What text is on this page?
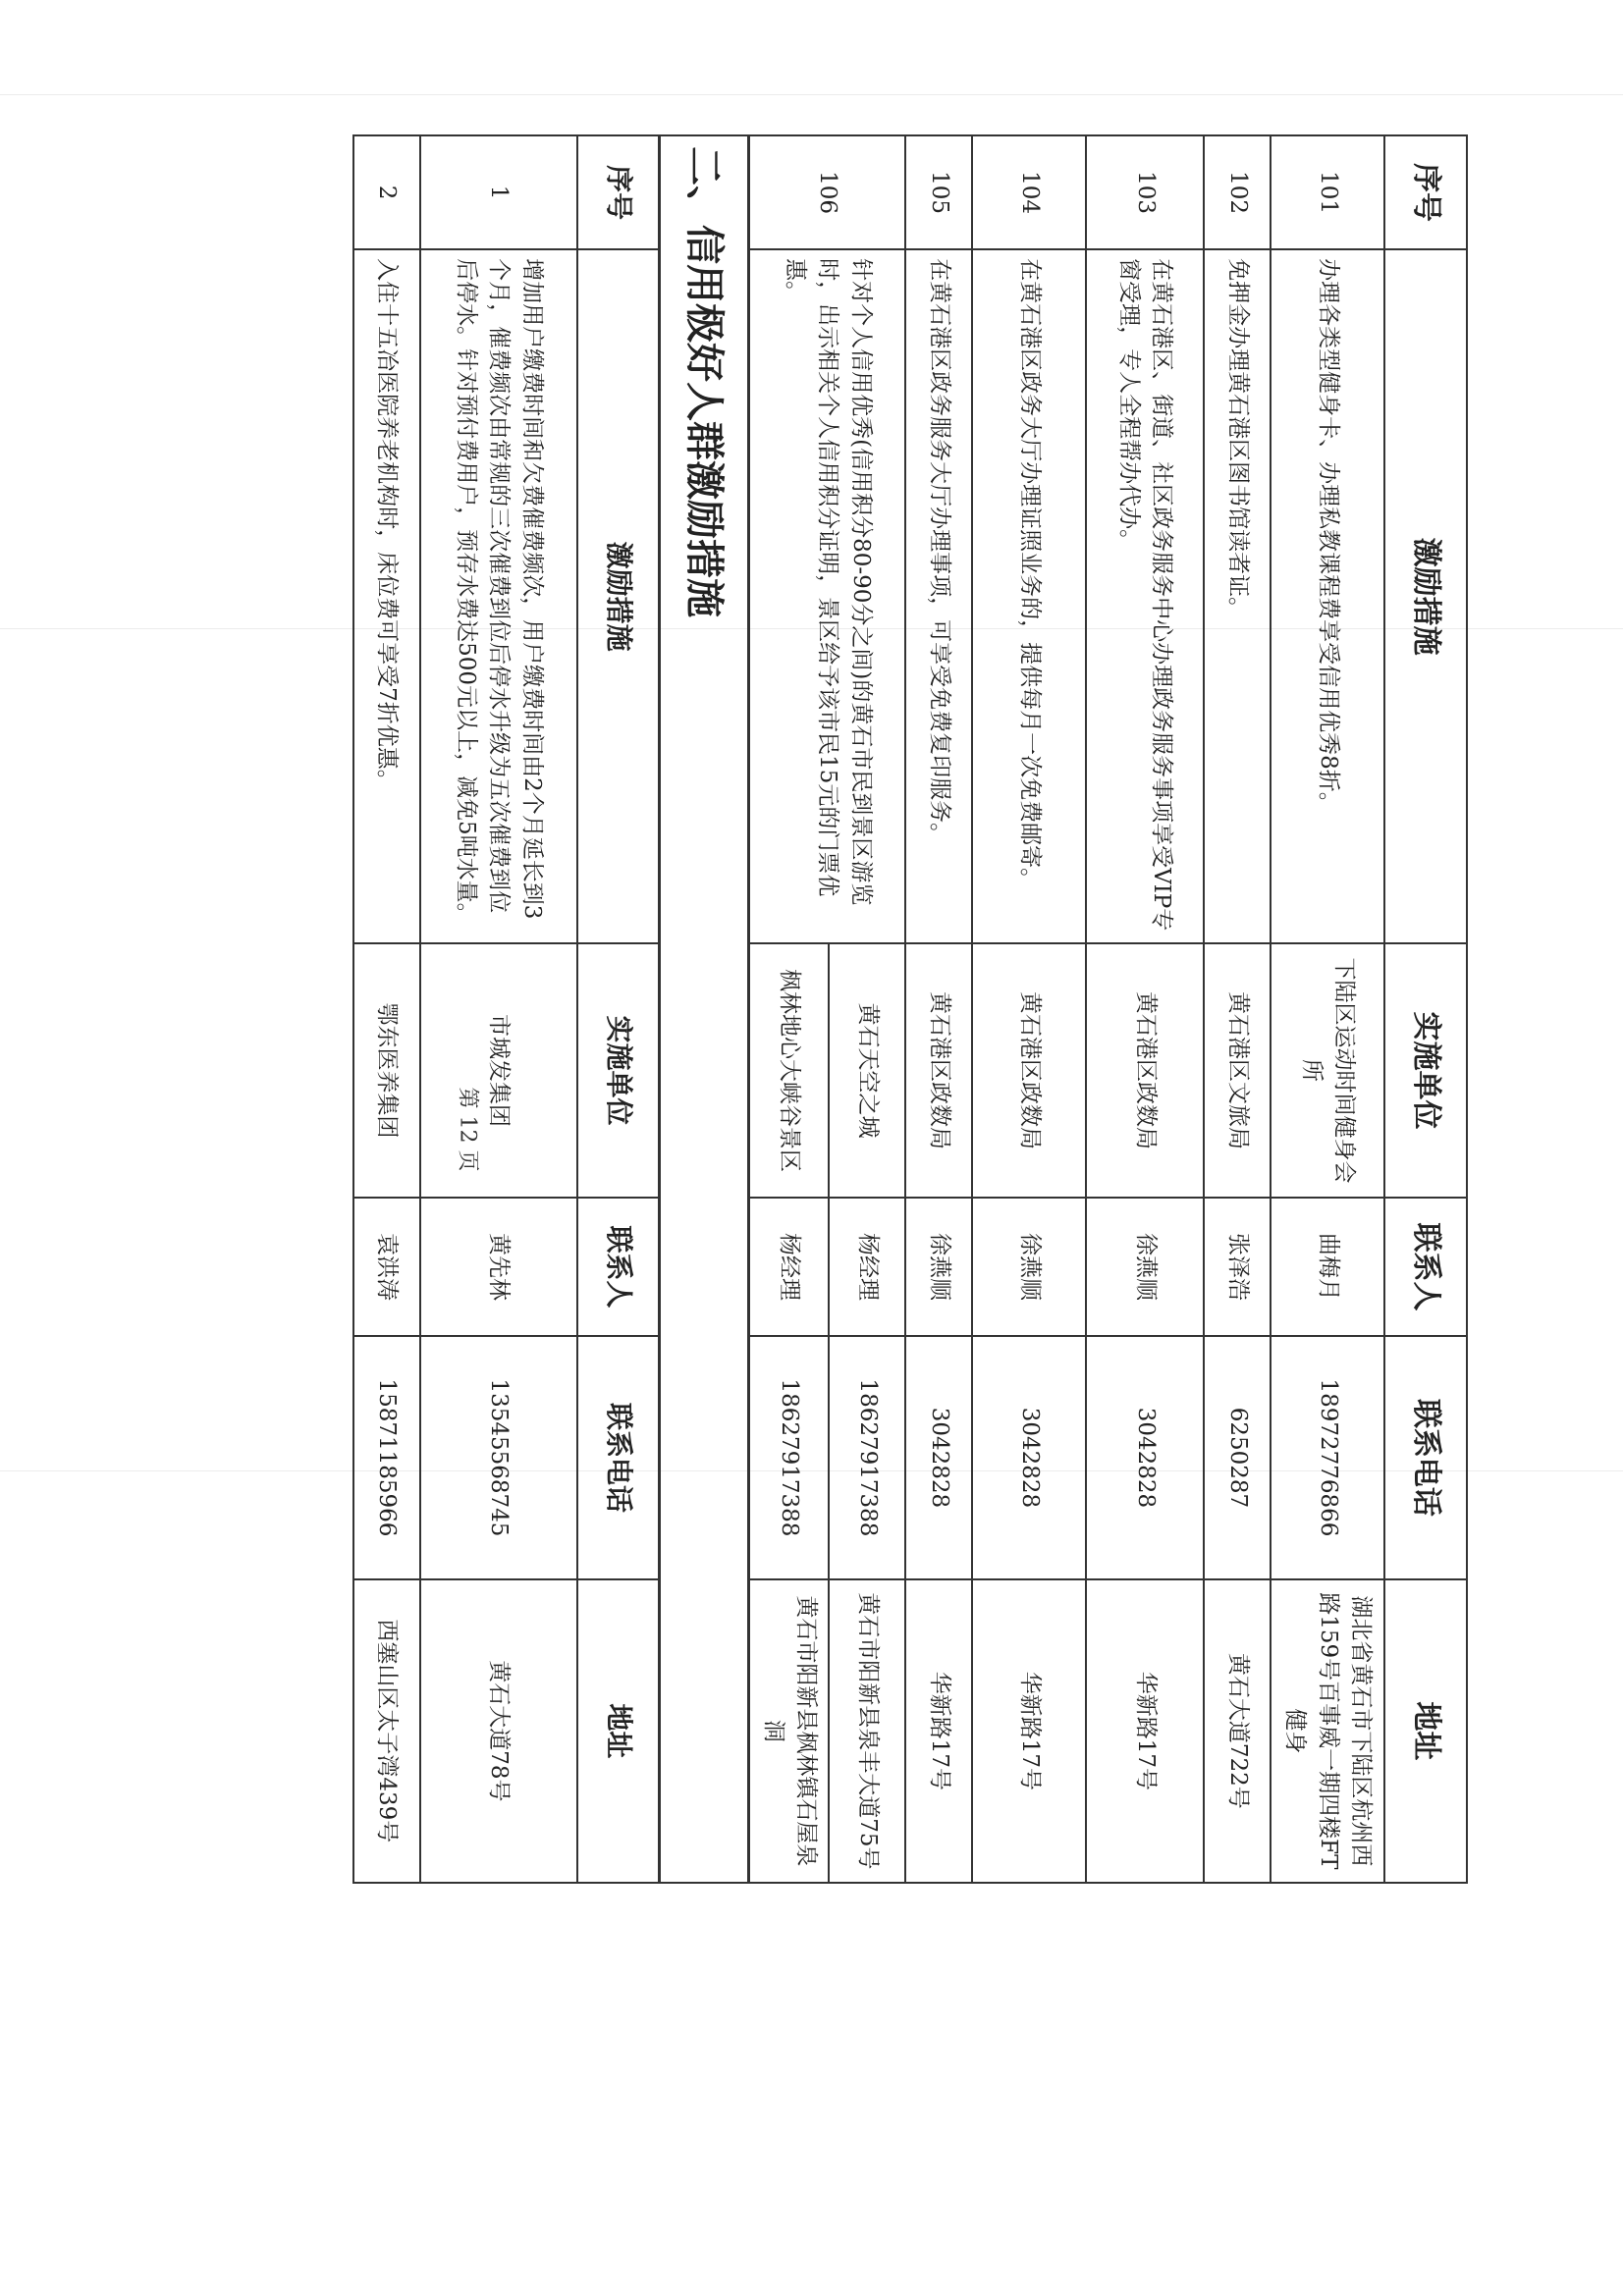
序号	激励措施	实施单位	联系人	联系电话	地址
101	办理各类型健身卡、办理私教课程费享受信用优秀8折。	下陆区运动时间健身会所	曲梅月	18972776866	湖北省黄石市下陆区杭州西路159号百事威一期四楼FT健身
102	免押金办理黄石港区图书馆读者证。	黄石港区文旅局	张泽浩	6250287	黄石大道722号
103	在黄石港区、街道、社区政务服务中心办理政务服务事项享受VIP专窗受理，专人全程帮办代办。	黄石港区政数局	徐燕顺	3042828	华新路17号
104	在黄石港区政务大厅办理证照业务的，提供每月一次免费邮寄。	黄石港区政数局	徐燕顺	3042828	华新路17号
105	在黄石港区政务服务大厅办理事项，可享受免费复印服务。	黄石港区政数局	徐燕顺	3042828	华新路17号
106	针对个人信用优秀(信用积分80-90分之间)的黄石市民到景区游览时，出示相关个人信用积分证明，景区给予该市民15元的门票优惠。	黄石天空之城	杨经理	18627917388	黄石市阳新县泉丰大道75号
		枫林地心大峡谷景区	杨经理	18627917388	黄石市阳新县枫林镇石屋泉洞
二、信用极好人群激励措施					
序号	激励措施	实施单位	联系人	联系电话	地址
1	增加用户缴费时间和欠费催费频次，用户缴费时间由2个月延长到3个月，催费频次由常规的三次催费到位后停水升级为五次催费到位后停水。针对预付费用户，预存水费达500元以上，减免5吨水量。	市城发集团	黄先林	13545568745	黄石大道78号
2	入住十五冶医院养老机构时，床位费可享受7折优惠。	鄂东医养集团	袁洪涛	15871185966	西塞山区太子湾439号
第 12 页
